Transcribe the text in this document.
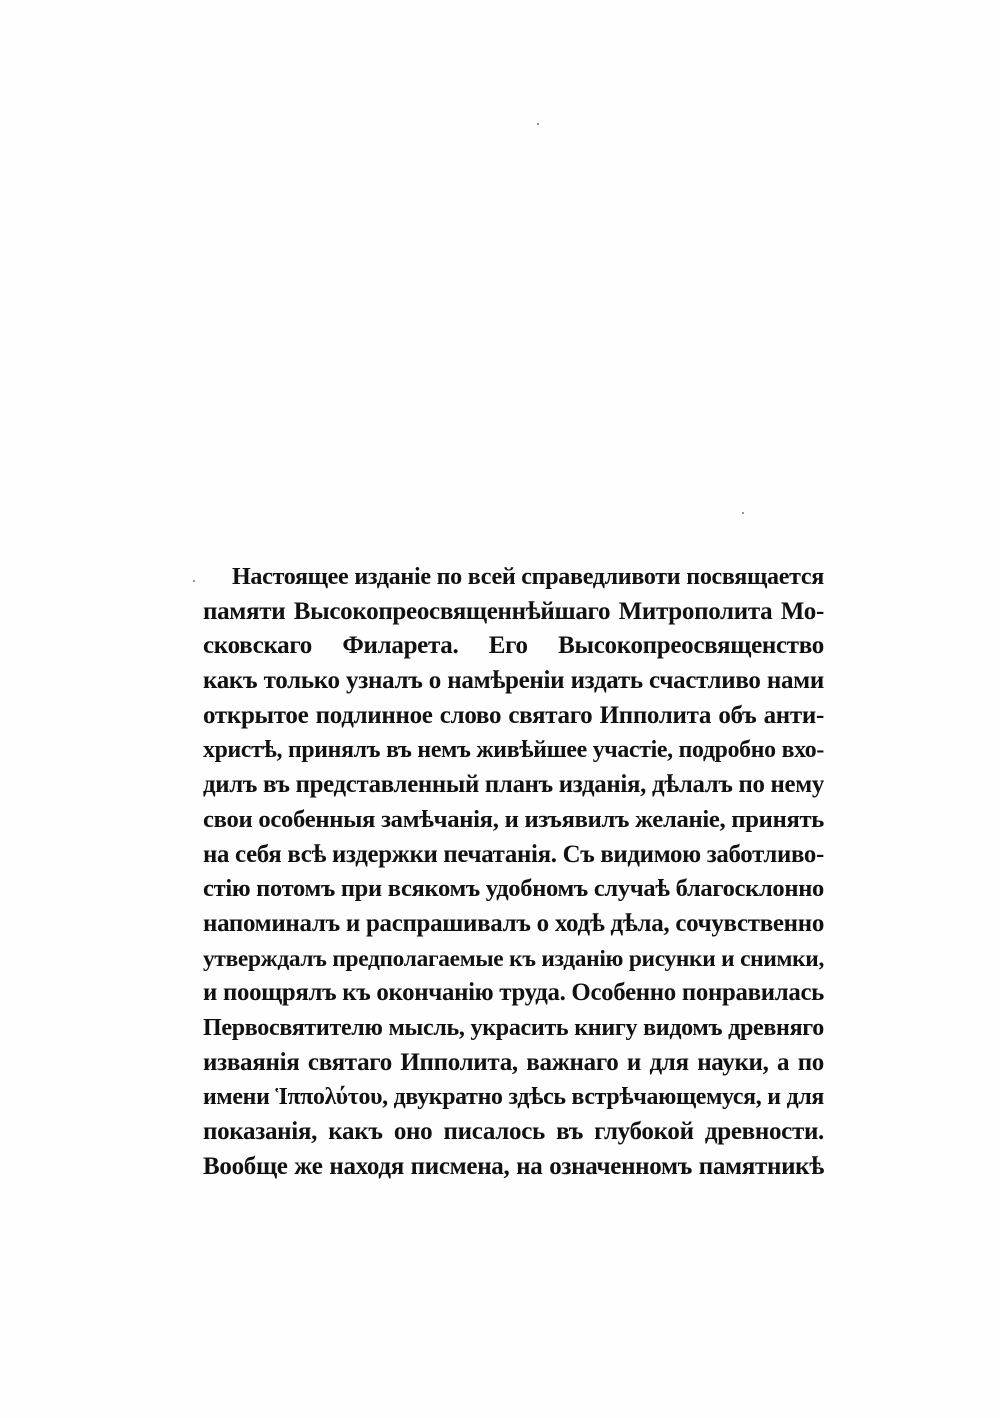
Настоящее изданіе по всей справедливоти посвящается
памяти Высокопреосвященнѣйшаго Митрополита Мо-
сковскаго Филарета. Его Высокопреосвященство
какъ только узналъ о намѣреніи издать счастливо нами
открытое подлинное слово святаго Ипполита объ анти-
христѣ, принялъ въ немъ живѣйшее участіе, подробно вхо-
дилъ въ представленный планъ изданія, дѣлалъ по нему
свои особенныя замѣчанія, и изъявилъ желаніе, принять
на себя всѣ издержки печатанія. Съ видимою заботливо-
стію потомъ при всякомъ удобномъ случаѣ благосклонно
напоминалъ и распрашивалъ о ходѣ дѣла, сочувственно
утверждалъ предполагаемые къ изданію рисунки и снимки,
и поощрялъ къ окончанію труда. Особенно понравилась
Первосвятителю мысль, украсить книгу видомъ древняго
изваянія святаго Ипполита, важнаго и для науки, а по
имени Ἱππολύτου, двукратно здѣсь встрѣчающемуся, и для
показанія, какъ оно писалось въ глубокой древности.
Вообще же находя писмена, на означенномъ памятникѣ
